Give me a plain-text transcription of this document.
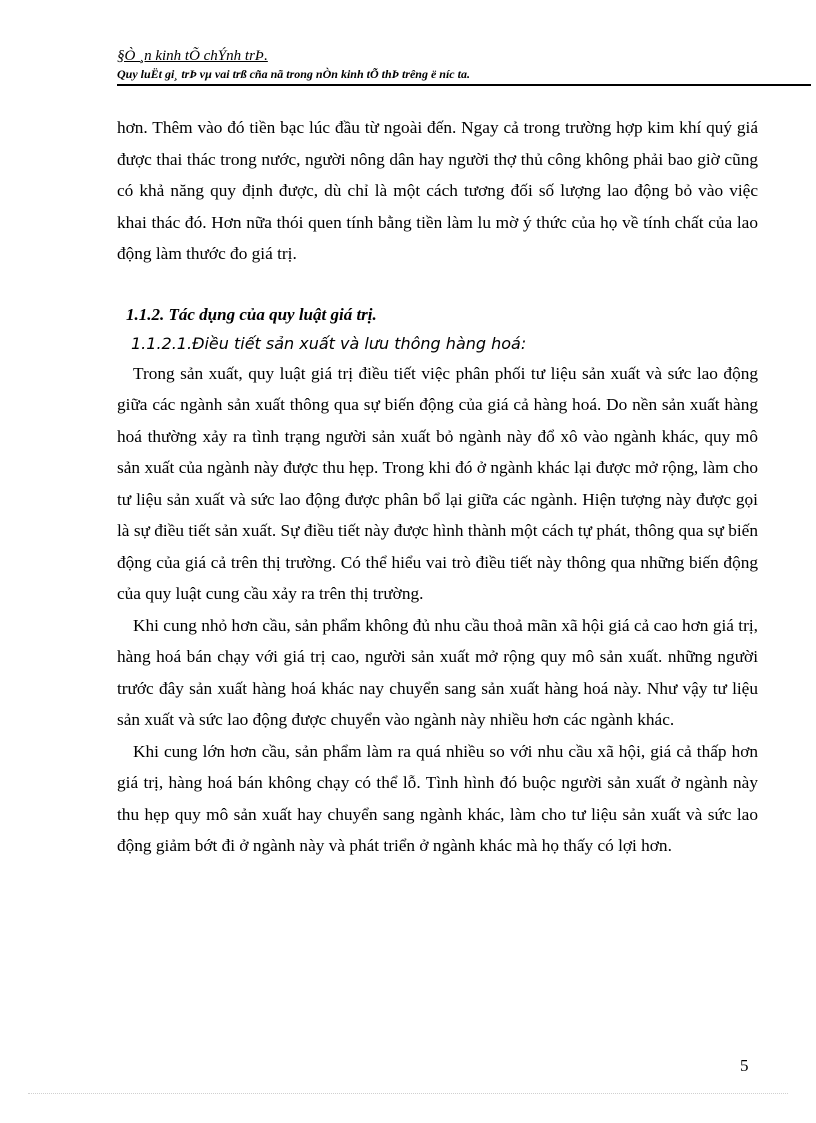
§Ò ¸n kinh tÕ chÝnh trÞ.
Quy luËt gi¸ trÞ vµ vai trß cña nã trong nÒn kinh tÕ thÞ trêng ë níc ta.

hơn. Thêm vào đó tiền bạc lúc đầu từ ngoài đến. Ngay cả trong trường hợp kim khí quý giá được thai thác trong nước, người nông dân hay người thợ thủ công không phải bao giờ cũng có khả năng quy định được, dù chỉ là một cách tương đối số lượng lao động bỏ vào việc khai thác đó. Hơn nữa thói quen tính bằng tiền làm lu mờ ý thức của họ về tính chất của lao động làm thước đo giá trị.

1.1.2. Tác dụng của quy luật giá trị.
1.1.2.1.Điều tiết sản xuất và lưu thông hàng hoá:

Trong sản xuất, quy luật giá trị điều tiết việc phân phối tư liệu sản xuất và sức lao động giữa các ngành sản xuất thông qua sự biến động của giá cả hàng hoá. Do nền sản xuất hàng hoá thường xảy ra tình trạng người sản xuất bỏ ngành này đổ xô vào ngành khác, quy mô sản xuất của ngành này được thu hẹp. Trong khi đó ở ngành khác lại được mở rộng, làm cho tư liệu sản xuất và sức lao động được phân bổ lại giữa các ngành. Hiện tượng này được gọi là sự điều tiết sản xuất. Sự điều tiết này được hình thành một cách tự phát, thông qua sự biến động của giá cả trên thị trường. Có thể hiểu vai trò điều tiết này thông qua những biến động của quy luật cung cầu xảy ra trên thị trường.

Khi cung nhỏ hơn cầu, sản phẩm không đủ nhu cầu thoả mãn xã hội giá cả cao hơn giá trị, hàng hoá bán chạy với giá trị cao, người sản xuất mở rộng quy mô sản xuất. những người trước đây sản xuất hàng hoá khác nay chuyển sang sản xuất hàng hoá này. Như vậy tư liệu sản xuất và sức lao động được chuyển vào ngành này nhiều hơn các ngành khác.

Khi cung lớn hơn cầu, sản phẩm làm ra quá nhiều so với nhu cầu xã hội, giá cả thấp hơn giá trị, hàng hoá bán không chạy có thể lỗ. Tình hình đó buộc người sản xuất ở ngành này thu hẹp quy mô sản xuất hay chuyển sang ngành khác, làm cho tư liệu sản xuất và sức lao động giảm bớt đi ở ngành này và phát triển ở ngành khác mà họ thấy có lợi hơn.

5
